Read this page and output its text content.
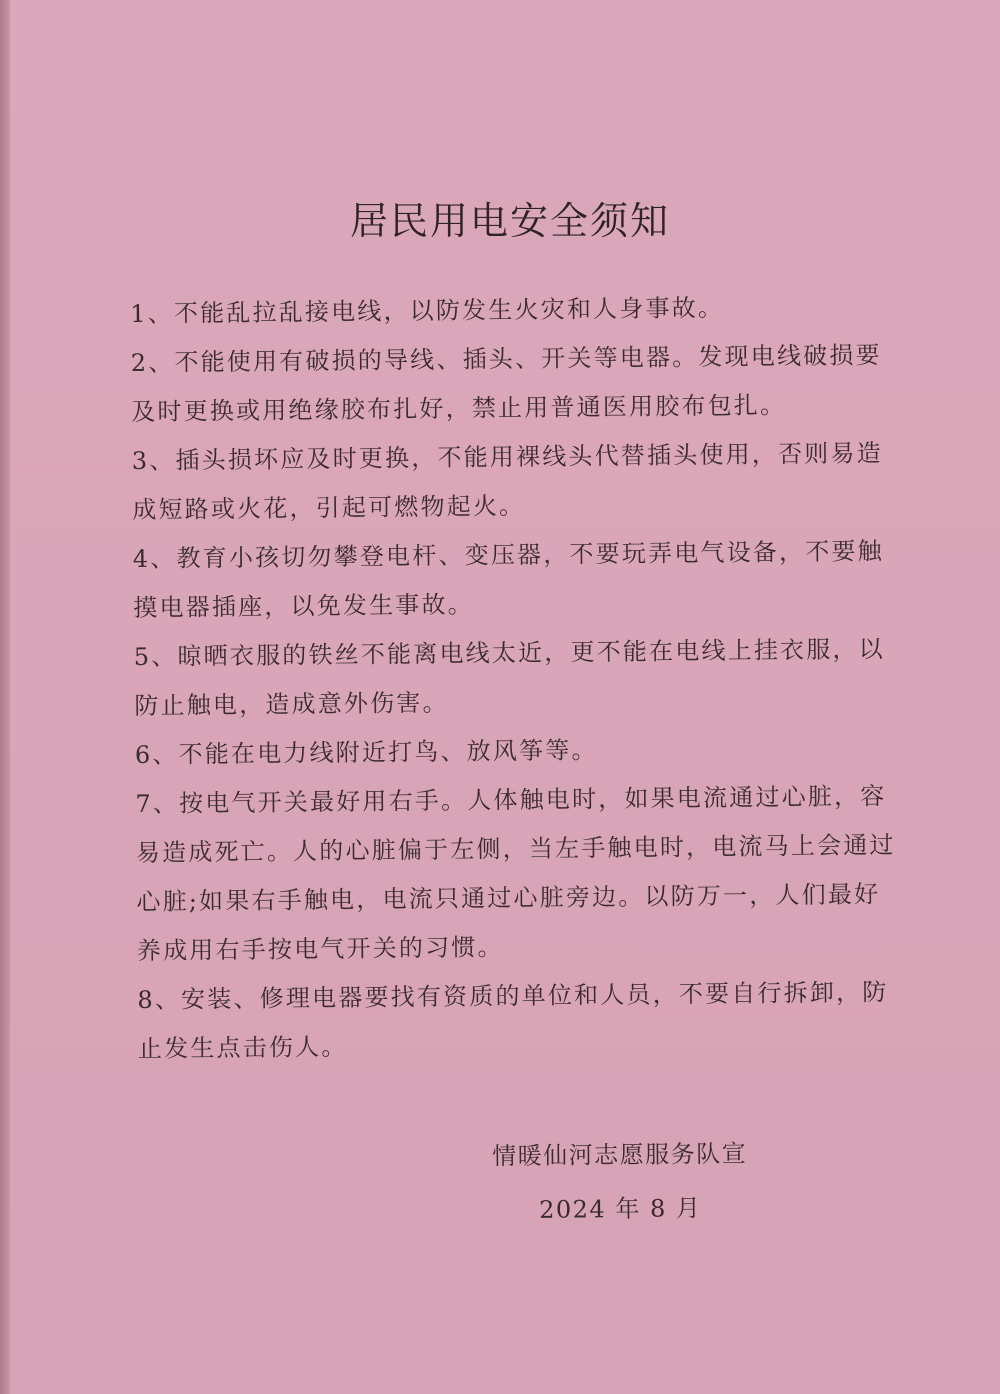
居民用电安全须知

1、不能乱拉乱接电线，以防发生火灾和人身事故。

2、不能使用有破损的导线、插头、开关等电器。发现电线破损要及时更换或用绝缘胶布扎好，禁止用普通医用胶布包扎。

3、插头损坏应及时更换，不能用裸线头代替插头使用，否则易造成短路或火花，引起可燃物起火。

4、教育小孩切勿攀登电杆、变压器，不要玩弄电气设备，不要触摸电器插座，以免发生事故。

5、晾晒衣服的铁丝不能离电线太近，更不能在电线上挂衣服，以防止触电，造成意外伤害。

6、不能在电力线附近打鸟、放风筝等。

7、按电气开关最好用右手。人体触电时，如果电流通过心脏，容易造成死亡。人的心脏偏于左侧，当左手触电时，电流马上会通过心脏;如果右手触电，电流只通过心脏旁边。以防万一，人们最好养成用右手按电气开关的习惯。

8、安装、修理电器要找有资质的单位和人员，不要自行拆卸，防止发生点击伤人。

情暖仙河志愿服务队宣
2024 年 8 月
